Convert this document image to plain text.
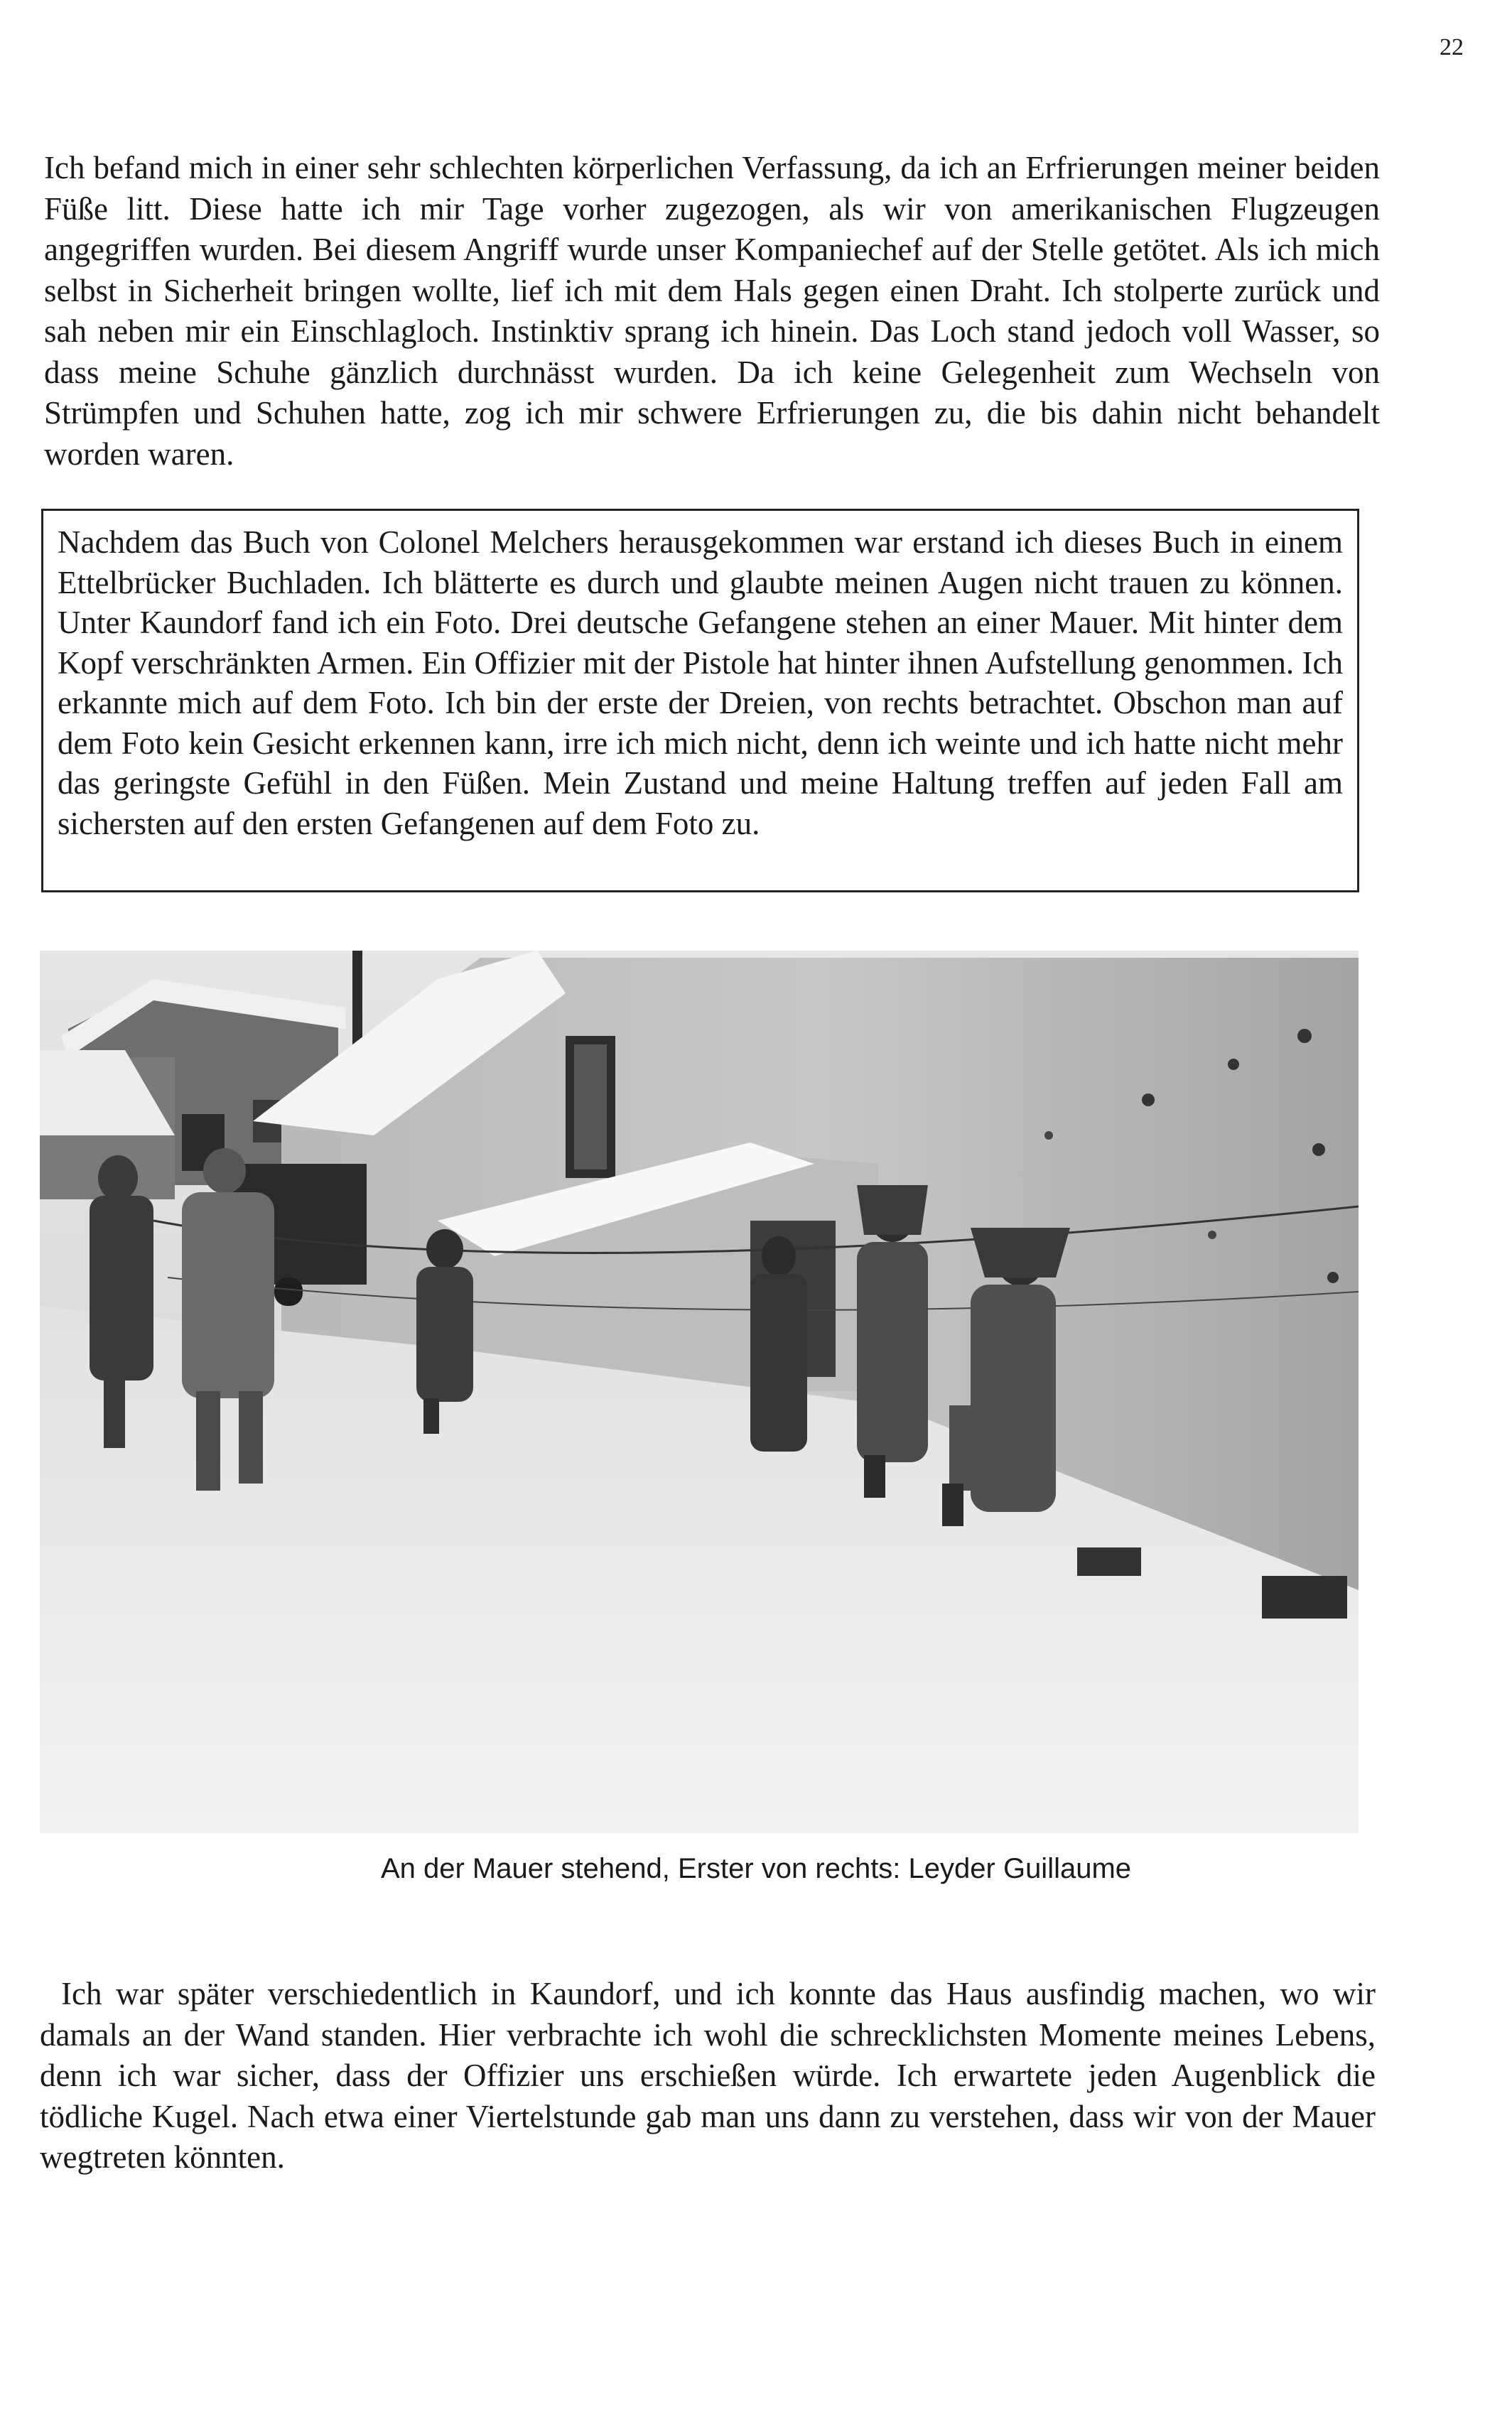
22

Ich befand mich in einer sehr schlechten körperlichen Verfassung, da ich an Erfrierungen meiner beiden Füße litt. Diese hatte ich mir Tage vorher zugezogen, als wir von amerikanischen Flugzeugen angegriffen wurden. Bei diesem Angriff wurde unser Kompaniechef auf der Stelle getötet. Als ich mich selbst in Sicherheit bringen wollte, lief ich mit dem Hals gegen einen Draht. Ich stolperte zurück und sah neben mir ein Einschlagloch. Instinktiv sprang ich hinein. Das Loch stand jedoch voll Wasser, so dass meine Schuhe gänzlich durchnässt wurden. Da ich keine Gelegenheit zum Wechseln von Strümpfen und Schuhen hatte, zog ich mir schwere Erfrierungen zu, die bis dahin nicht behandelt worden waren.

Nachdem das Buch von Colonel Melchers herausgekommen war erstand ich dieses Buch in einem Ettelbrücker Buchladen. Ich blätterte es durch und glaubte meinen Augen nicht trauen zu können. Unter Kaundorf fand ich ein Foto. Drei deutsche Gefangene stehen an einer Mauer. Mit hinter dem Kopf verschränkten Armen. Ein Offizier mit der Pistole hat hinter ihnen Aufstellung genommen. Ich erkannte mich auf dem Foto. Ich bin der erste der Dreien, von rechts betrachtet. Obschon man auf dem Foto kein Gesicht erkennen kann, irre ich mich nicht, denn ich weinte und ich hatte nicht mehr das geringste Gefühl in den Füßen. Mein Zustand und meine Haltung treffen auf jeden Fall am sichersten auf den ersten Gefangenen auf dem Foto zu.
An der Mauer stehend, Erster von rechts: Leyder Guillaume

Ich war später verschiedentlich in Kaundorf, und ich konnte das Haus ausfindig machen, wo wir damals an der Wand standen. Hier verbrachte ich wohl die schrecklichsten Momente meines Lebens, denn ich war sicher, dass der Offizier uns erschießen würde. Ich erwartete jeden Augenblick die tödliche Kugel. Nach etwa einer Viertelstunde gab man uns dann zu verstehen, dass wir von der Mauer wegtreten könnten.
